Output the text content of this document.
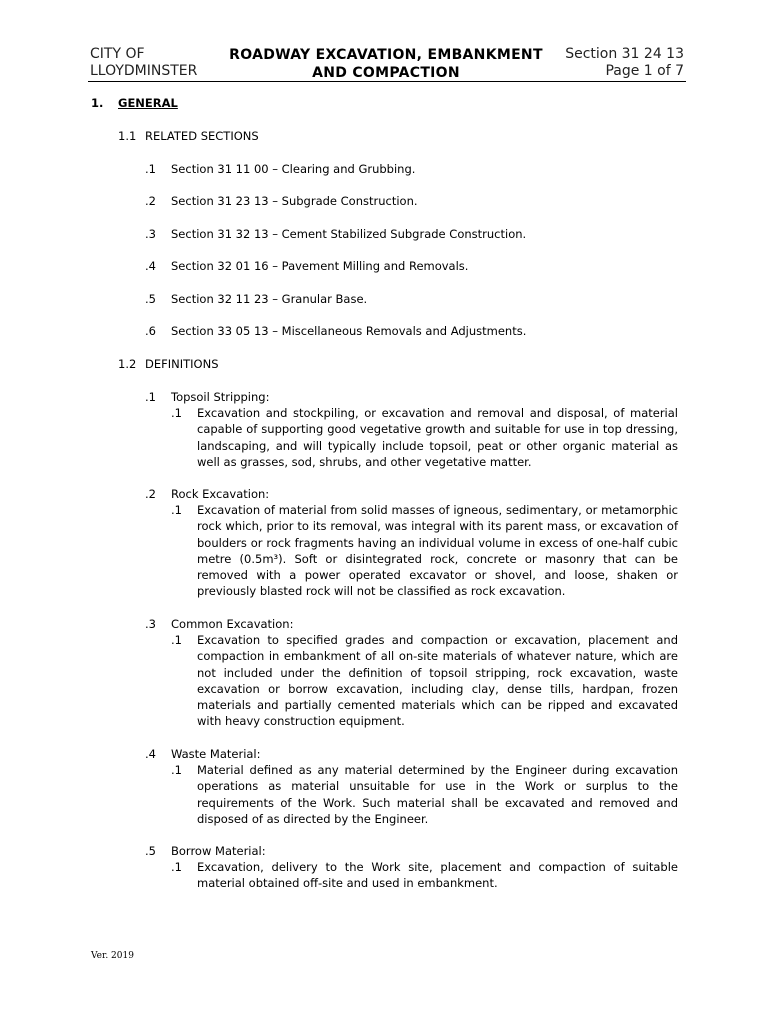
CITY OF
LLOYDMINSTER
ROADWAY EXCAVATION, EMBANKMENT
AND COMPACTION
Section 31 24 13
Page 1 of 7
1. GENERAL
1.1 RELATED SECTIONS
.1 Section 31 11 00 – Clearing and Grubbing.
.2 Section 31 23 13 – Subgrade Construction.
.3 Section 31 32 13 – Cement Stabilized Subgrade Construction.
.4 Section 32 01 16 – Pavement Milling and Removals.
.5 Section 32 11 23 – Granular Base.
.6 Section 33 05 13 – Miscellaneous Removals and Adjustments.
1.2 DEFINITIONS
.1 Topsoil Stripping:
.1 Excavation and stockpiling, or excavation and removal and disposal, of material capable of supporting good vegetative growth and suitable for use in top dressing, landscaping, and will typically include topsoil, peat or other organic material as well as grasses, sod, shrubs, and other vegetative matter.
.2 Rock Excavation:
.1 Excavation of material from solid masses of igneous, sedimentary, or metamorphic rock which, prior to its removal, was integral with its parent mass, or excavation of boulders or rock fragments having an individual volume in excess of one-half cubic metre (0.5m³). Soft or disintegrated rock, concrete or masonry that can be removed with a power operated excavator or shovel, and loose, shaken or previously blasted rock will not be classified as rock excavation.
.3 Common Excavation:
.1 Excavation to specified grades and compaction or excavation, placement and compaction in embankment of all on-site materials of whatever nature, which are not included under the definition of topsoil stripping, rock excavation, waste excavation or borrow excavation, including clay, dense tills, hardpan, frozen materials and partially cemented materials which can be ripped and excavated with heavy construction equipment.
.4 Waste Material:
.1 Material defined as any material determined by the Engineer during excavation operations as material unsuitable for use in the Work or surplus to the requirements of the Work. Such material shall be excavated and removed and disposed of as directed by the Engineer.
.5 Borrow Material:
.1 Excavation, delivery to the Work site, placement and compaction of suitable material obtained off-site and used in embankment.
Ver. 2019
